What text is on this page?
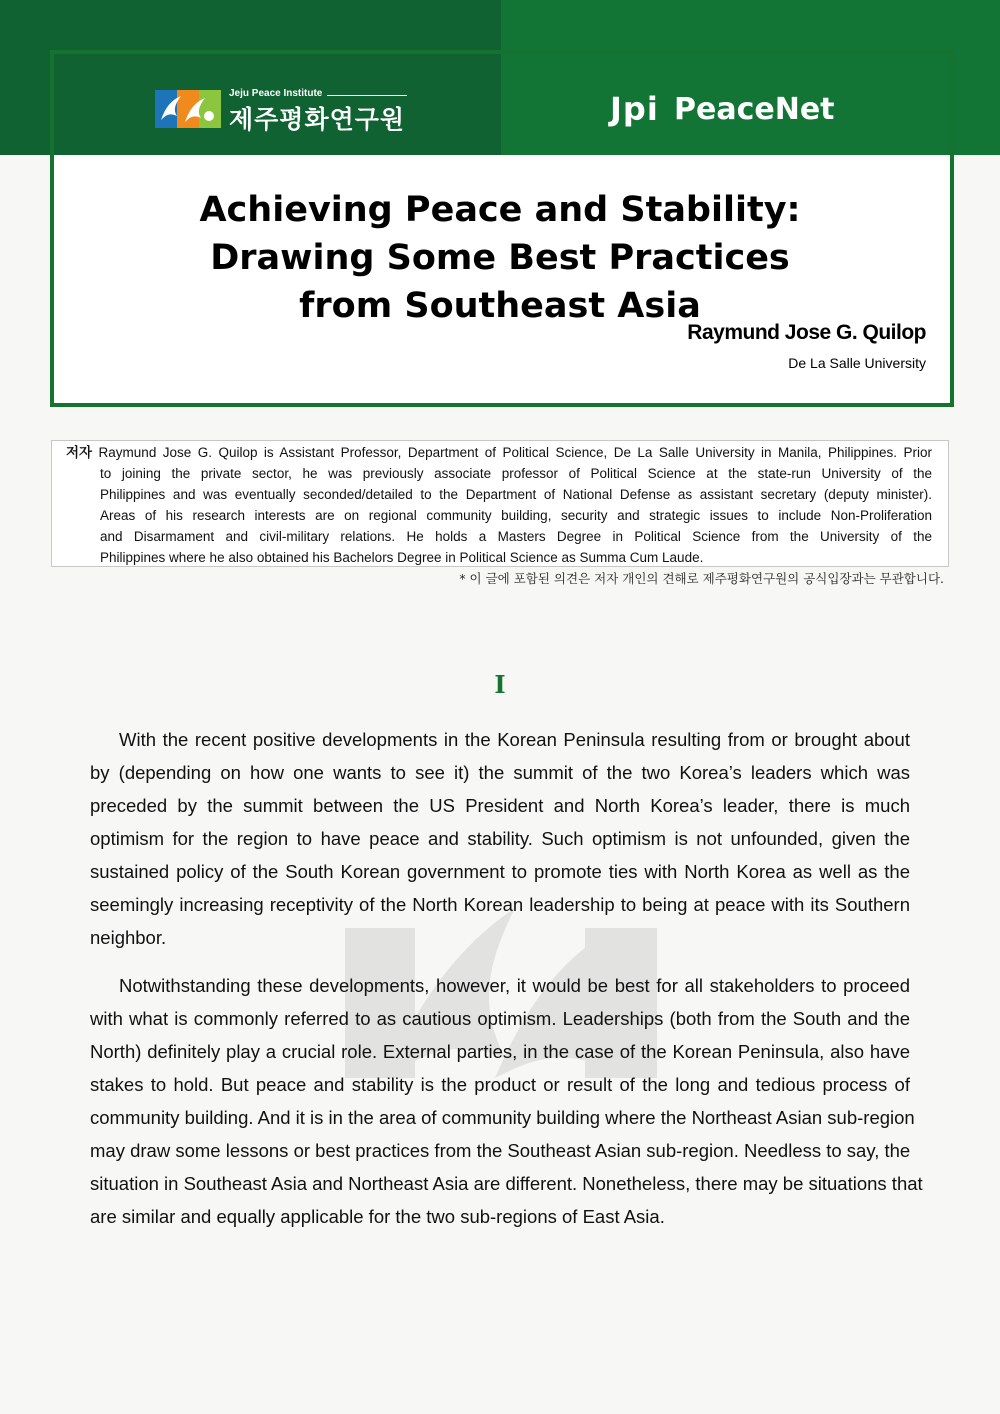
Jeju Peace Institute
제주평화연구원	Jpi PeaceNet
Achieving Peace and Stability:
Drawing Some Best Practices
from Southeast Asia
Raymund Jose G. Quilop
De La Salle University
저자 Raymund Jose G. Quilop is Assistant Professor, Department of Political Science, De La Salle University in Manila, Philippines. Prior
to joining the private sector, he was previously associate professor of Political Science at the state-run University of the
Philippines and was eventually seconded/detailed to the Department of National Defense as assistant secretary (deputy minister).
Areas of his research interests are on regional community building, security and strategic issues to include Non-Proliferation
and Disarmament and civil-military relations. He holds a Masters Degree in Political Science from the University of the
Philippines where he also obtained his Bachelors Degree in Political Science as Summa Cum Laude.
* 이 글에 포함된 의견은 저자 개인의 견해로 제주평화연구원의 공식입장과는 무관합니다.
I
With the recent positive developments in the Korean Peninsula resulting from or brought about
by (depending on how one wants to see it) the summit of the two Korea’s leaders which was
preceded by the summit between the US President and North Korea’s leader, there is much
optimism for the region to have peace and stability. Such optimism is not unfounded, given the
sustained policy of the South Korean government to promote ties with North Korea as well as the
seemingly increasing receptivity of the North Korean leadership to being at peace with its Southern
neighbor.
Notwithstanding these developments, however, it would be best for all stakeholders to proceed
with what is commonly referred to as cautious optimism. Leaderships (both from the South and the
North) definitely play a crucial role. External parties, in the case of the Korean Peninsula, also have
stakes to hold. But peace and stability is the product or result of the long and tedious process of
community building. And it is in the area of community building where the Northeast Asian sub-region
may draw some lessons or best practices from the Southeast Asian sub-region. Needless to say, the
situation in Southeast Asia and Northeast Asia are different. Nonetheless, there may be situations that
are similar and equally applicable for the two sub-regions of East Asia.
